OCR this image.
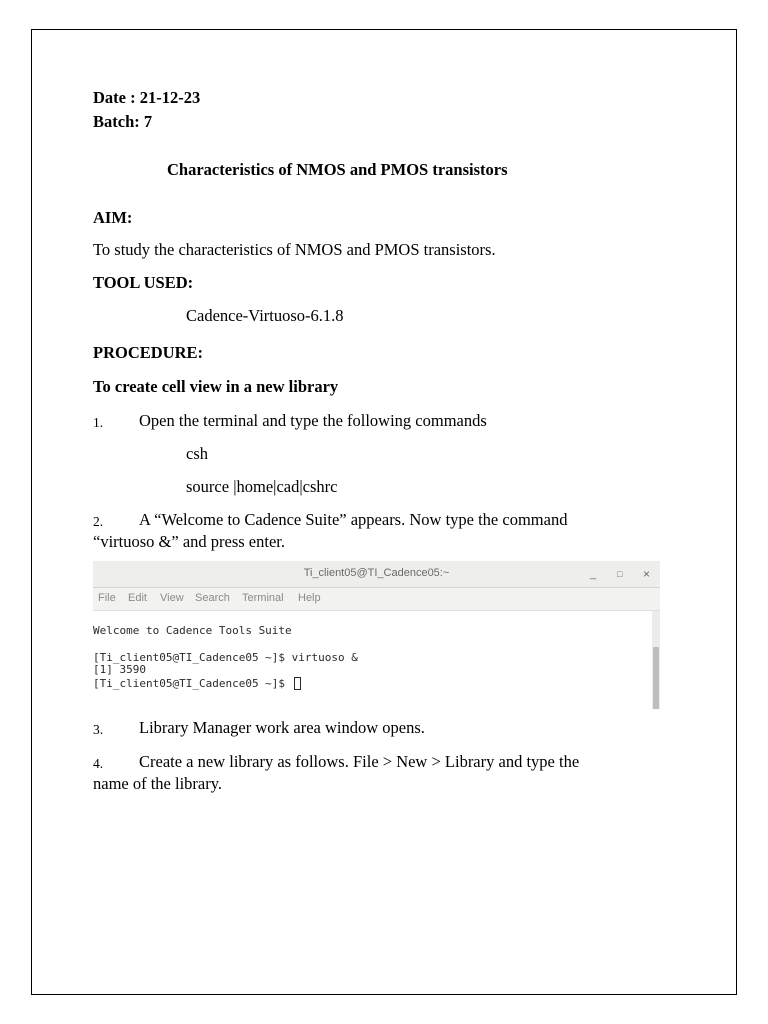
Date : 21-12-23
Batch: 7
Characteristics of NMOS and PMOS transistors
AIM:
To study the characteristics of NMOS and PMOS transistors.
TOOL USED:
Cadence-Virtuoso-6.1.8
PROCEDURE:
To create cell view in a new library
1. Open the terminal and type the following commands
csh
source |home|cad|cshrc
2. A “Welcome to Cadence Suite” appears. Now type the command
“virtuoso &” and press enter.
Ti_client05@TI_Cadence05:~	_ □ ×
File Edit View Search Terminal Help
Welcome to Cadence Tools Suite
[Ti_client05@TI_Cadence05 ~]$ virtuoso &
[1] 3590
[Ti_client05@TI_Cadence05 ~]$
3. Library Manager work area window opens.
4. Create a new library as follows. File > New > Library and type the
name of the library.
